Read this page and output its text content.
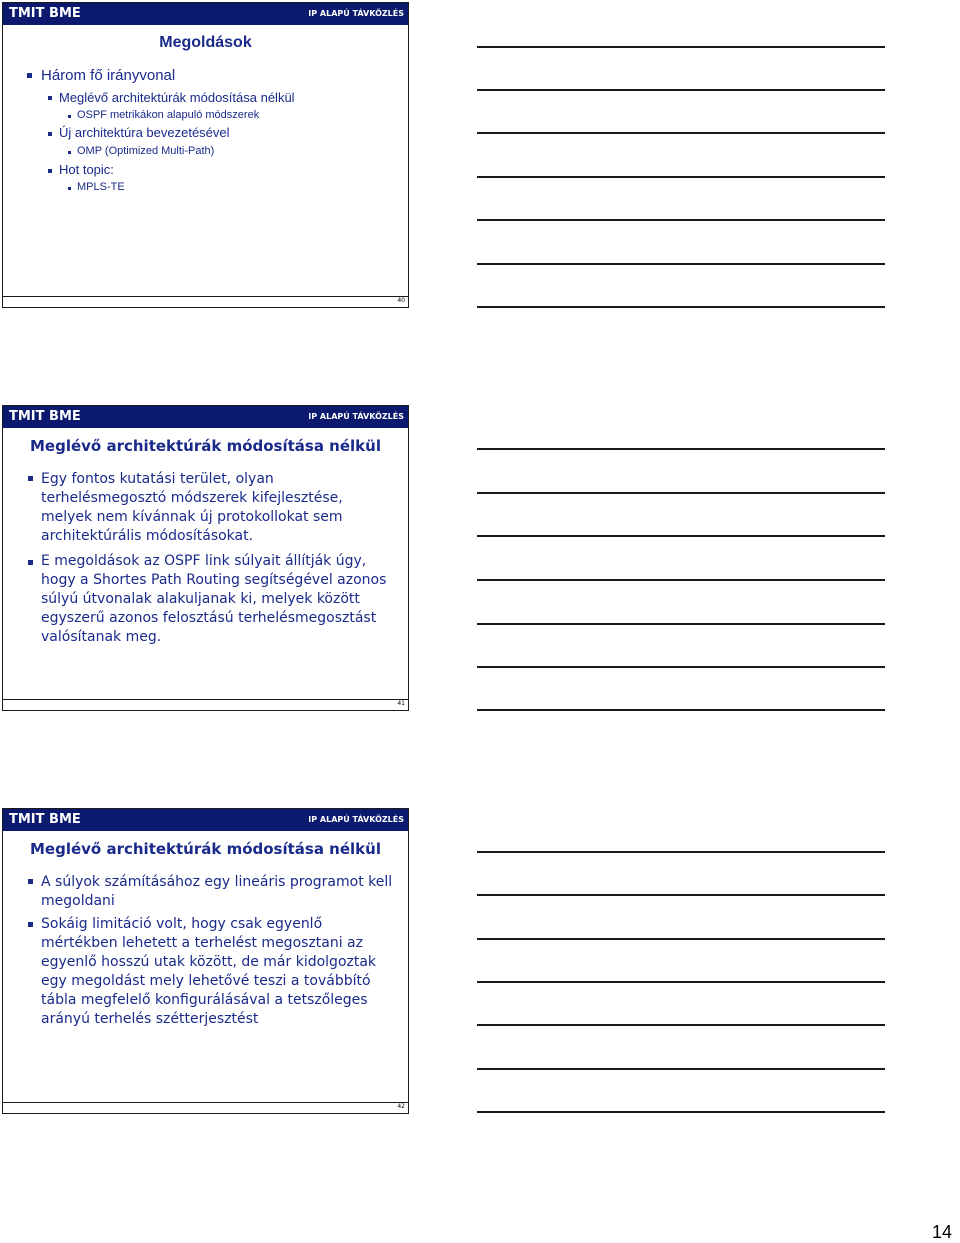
TMIT BME	IP ALAPÚ TÁVKÖZLÉS
Megoldások
Három fő irányvonal
Meglévő architektúrák módosítása nélkül
OSPF metrikákon alapuló módszerek
Új architektúra bevezetésével
OMP (Optimized Multi-Path)
Hot topic:
MPLS-TE
40
TMIT BME	IP ALAPÚ TÁVKÖZLÉS
Meglévő architektúrák módosítása nélkül
Egy fontos kutatási terület, olyan
terhelésmegosztó módszerek kifejlesztése,
melyek nem kívánnak új protokollokat sem
architektúrális módosításokat.
E megoldások az OSPF link súlyait állítják úgy,
hogy a Shortes Path Routing segítségével azonos
súlyú útvonalak alakuljanak ki, melyek között
egyszerű azonos felosztású terhelésmegosztást
valósítanak meg.
41
TMIT BME	IP ALAPÚ TÁVKÖZLÉS
Meglévő architektúrák módosítása nélkül
A súlyok számításához egy lineáris programot kell
megoldani
Sokáig limitáció volt, hogy csak egyenlő
mértékben lehetett a terhelést megosztani az
egyenlő hosszú utak között, de már kidolgoztak
egy megoldást mely lehetővé teszi a továbbító
tábla megfelelő konfigurálásával a tetszőleges
arányú terhelés szétterjesztést
42
14
